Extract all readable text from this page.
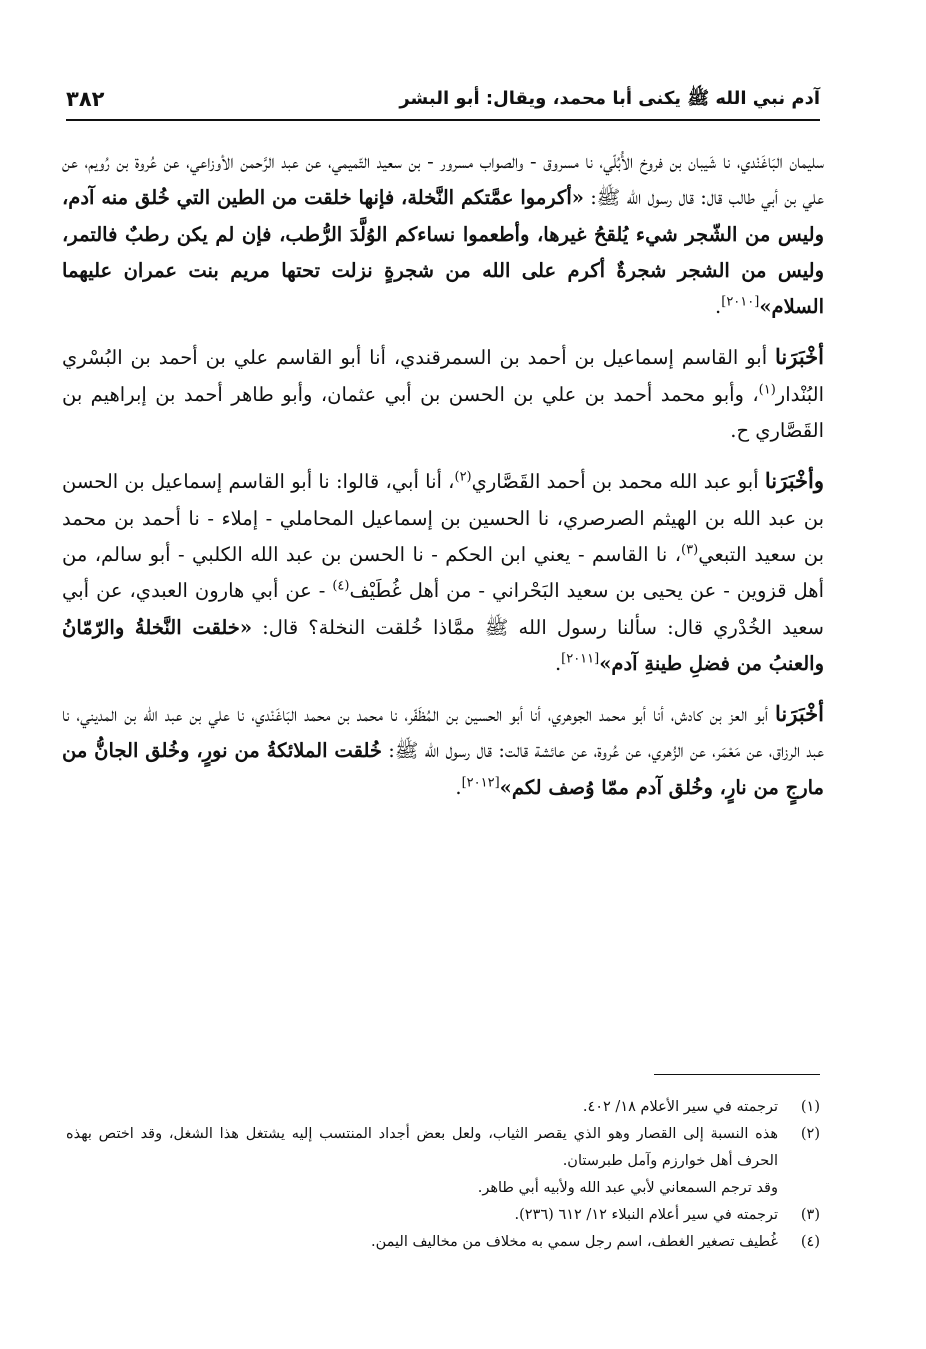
آدم نبي الله ﷺ يكنى أبا محمد، ويقال: أبو البشر
٣٨٢

سليمان البَاغَنْدي، نا شَيبان بن فروخ الأُبُلّي، نا مسروق - والصواب مسرور - بن سعيد التّميمي، عن عبد الرَّحمن الأوزاعي، عن عُروة بن رُويم، عن علي بن أبي طالب قال: قال رسول الله ﷺ: «أكرموا عمَّتكم النَّخلة، فإنها خلقت من الطين التي خُلق منه آدم، وليس من الشّجر شيء يُلقحُ غيرها، وأطعموا نساءكم الوُلَّدَ الرُّطب، فإن لم يكن رطبٌ فالتمر، وليس من الشجر شجرةٌ أكرم على الله من شجرةٍ نزلت تحتها مريم بنت عمران عليهما السلام»[٢٠١٠].

أخْبَرَنا أبو القاسم إسماعيل بن أحمد بن السمرقندي، أنا أبو القاسم علي بن أحمد بن البُسْري البُنْدار$^{(١)}$، وأبو محمد أحمد بن علي بن الحسن بن أبي عثمان، وأبو طاهر أحمد بن إبراهيم بن القَصَّاري ح.

وأخْبَرَنا أبو عبد الله محمد بن أحمد القَصَّاري$^{(٢)}$، أنا أبي، قالوا: نا أبو القاسم إسماعيل بن الحسن بن عبد الله بن الهيثم الصرصري، نا الحسين بن إسماعيل المحاملي - إملاء - نا أحمد بن محمد بن سعيد التبعي$^{(٣)}$، نا القاسم - يعني ابن الحكم - نا الحسن بن عبد الله الكلبي - أبو سالم، من أهل قزوين - عن يحيى بن سعيد البَحْراني - من أهل غُطَيْف$^{(٤)}$ - عن أبي هارون العبدي، عن أبي سعيد الخُدْري قال: سألنا رسول الله ﷺ ممَّاذا خُلقت النخلة؟ قال: «خلقت النَّخلةُ والرّمّانُ والعنبُ من فضلِ طينةِ آدم»[٢٠١١].

أخْبَرَنا أبو العز بن كادش، أنا أبو محمد الجوهري، أنا أبو الحسين بن المُظَفّر، نا محمد بن محمد البَاغَنْدي، نا علي بن عبد الله بن المديني، نا عبد الرزاق، عن مَعْمَر، عن الزُهري، عن عُروة، عن عائشة قالت: قال رسول الله ﷺ: خُلقت الملائكةُ من نورٍ، وخُلق الجانُّ من مارجٍ من نارٍ، وخُلق آدم ممّا وُصف لكم»[٢٠١٢].

(١)
ترجمته في سير الأعلام ١٨/ ٤٠٢.
(٢)
هذه النسبة إلى القصار وهو الذي يقصر الثياب، ولعل بعض أجداد المنتسب إليه يشتغل هذا الشغل، وقد اختص بهذه الحرف أهل خوارزم وآمل طبرستان.
وقد ترجم السمعاني لأبي عبد الله ولأبيه أبي طاهر.
(٣)
ترجمته في سير أعلام النبلاء ١٢/ ٦١٢ (٢٣٦).
(٤)
غُطيف تصغير الغطف، اسم رجل سمي به مخلاف من مخاليف اليمن.
